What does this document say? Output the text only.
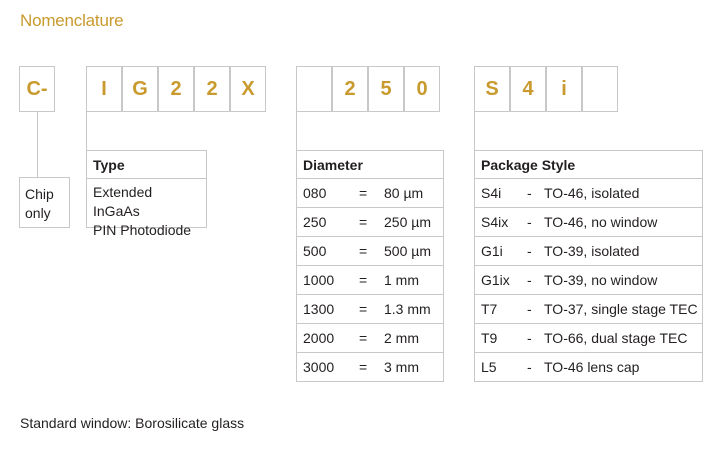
Nomenclature
C-	I	G	2	2	X	2	5	0	S	4	i
Chip
only
Type
Extended InGaAs
PIN Photodiode
Diameter
080 = 80 µm
250 = 250 µm
500 = 500 µm
1000 = 1 mm
1300 = 1.3 mm
2000 = 2 mm
3000 = 3 mm
Package Style
S4i - TO-46, isolated
S4ix - TO-46, no window
G1i - TO-39, isolated
G1ix - TO-39, no window
T7 - TO-37, single stage TEC
T9 - TO-66, dual stage TEC
L5 - TO-46 lens cap
Standard window: Borosilicate glass
